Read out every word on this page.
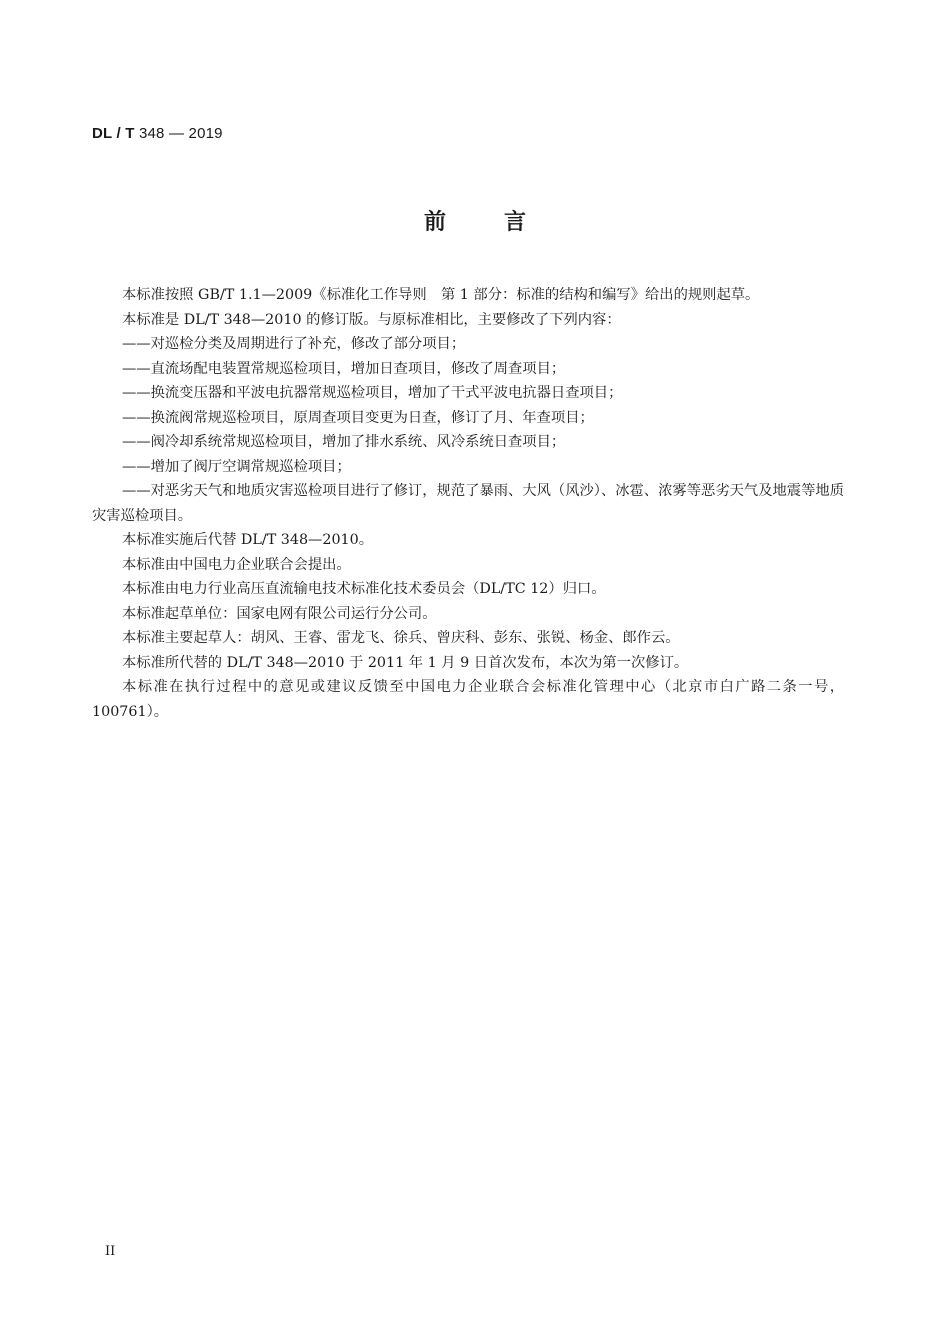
DL / T 348 — 2019
前言

本标准按照 GB/T 1.1—2009《标准化工作导则　第 1 部分：标准的结构和编写》给出的规则起草。

本标准是 DL/T 348—2010 的修订版。与原标准相比，主要修改了下列内容：

——对巡检分类及周期进行了补充，修改了部分项目；
——直流场配电装置常规巡检项目，增加日查项目，修改了周查项目；
——换流变压器和平波电抗器常规巡检项目，增加了干式平波电抗器日查项目；
——换流阀常规巡检项目，原周查项目变更为日查，修订了月、年查项目；
——阀冷却系统常规巡检项目，增加了排水系统、风冷系统日查项目；
——增加了阀厅空调常规巡检项目；
——对恶劣天气和地质灾害巡检项目进行了修订，规范了暴雨、大风（风沙）、冰雹、浓雾等恶劣天气及地震等地质灾害巡检项目。

本标准实施后代替 DL/T 348—2010。

本标准由中国电力企业联合会提出。

本标准由电力行业高压直流输电技术标准化技术委员会（DL/TC 12）归口。

本标准起草单位：国家电网有限公司运行分公司。

本标准主要起草人：胡风、王睿、雷龙飞、徐兵、曾庆科、彭东、张锐、杨金、郎作云。

本标准所代替的 DL/T 348—2010 于 2011 年 1 月 9 日首次发布，本次为第一次修订。

本标准在执行过程中的意见或建议反馈至中国电力企业联合会标准化管理中心（北京市白广路二条一号，100761）。

II
